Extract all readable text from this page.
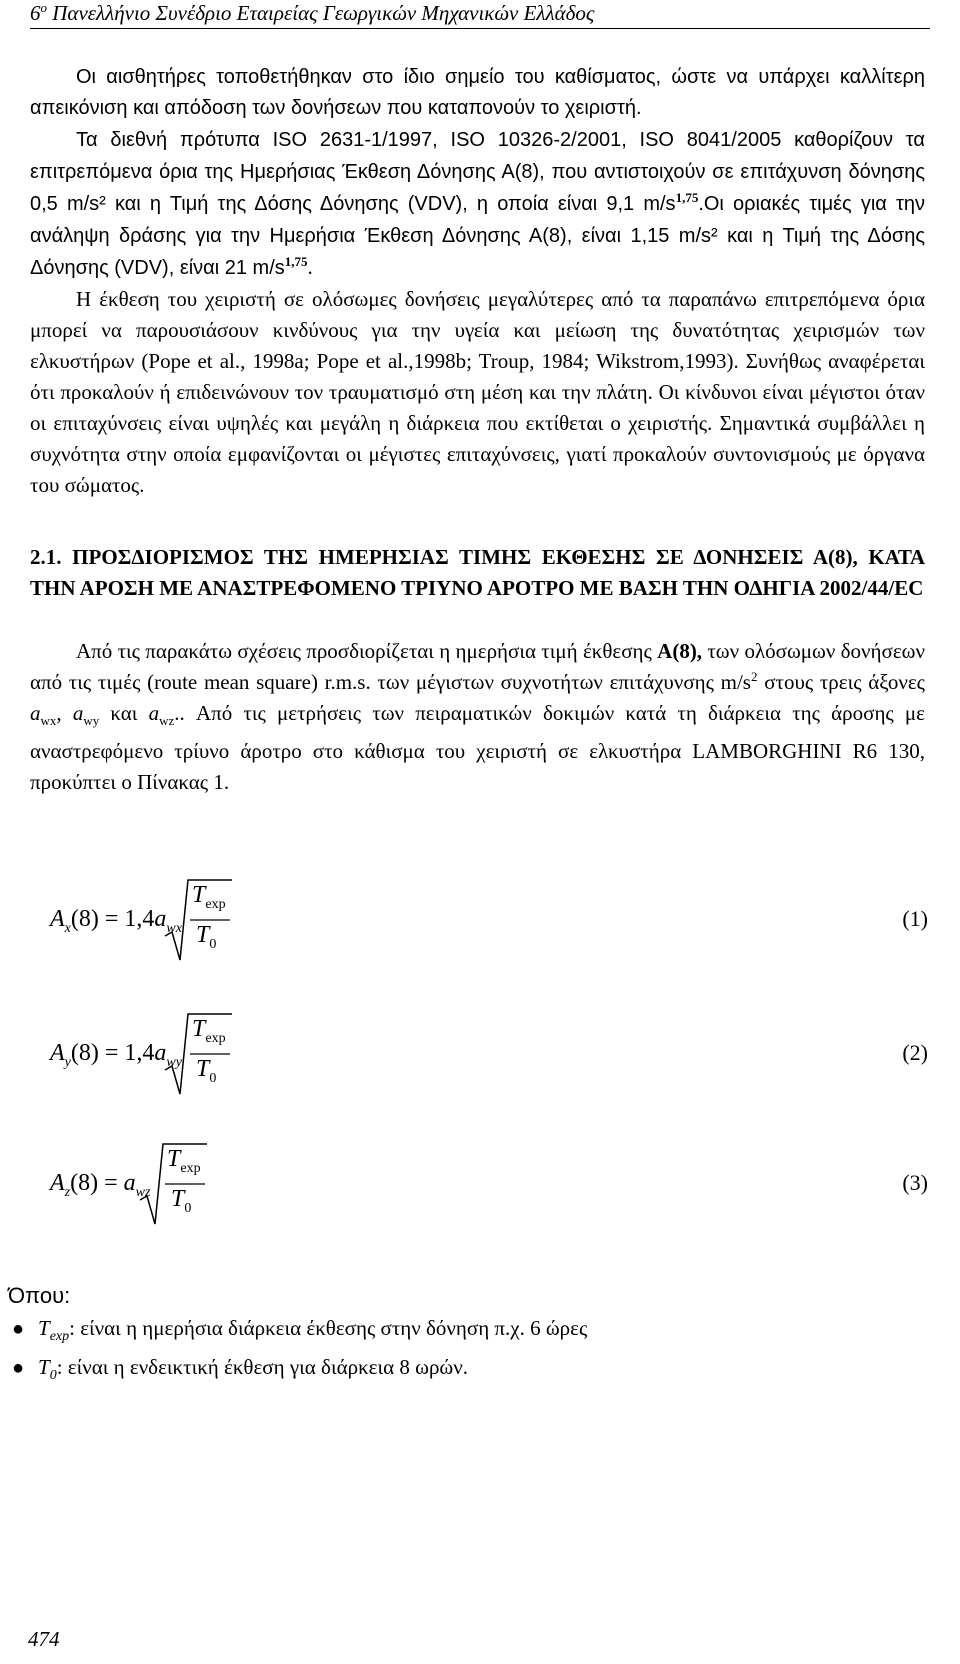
$6^o$ Πανελλήνιο Συνέδριο Εταιρείας Γεωργικών Μηχανικών Ελλάδος

Οι αισθητήρες τοποθετήθηκαν στο ίδιο σημείο του καθίσματος, ώστε να υπάρχει καλλίτερη απεικόνιση και απόδοση των δονήσεων που καταπονούν το χειριστή.

Τα διεθνή πρότυπα ISO 2631-1/1997, ISO 10326-2/2001, ISO 8041/2005 καθορίζουν τα επιτρεπόμενα όρια της Ημερήσιας Έκθεση Δόνησης Α(8), που αντιστοιχούν σε επιτάχυνση δόνησης 0,5 m/s² και η Τιμή της Δόσης Δόνησης (VDV), η οποία είναι 9,1 $m/s^{1,75}.O\iota$ οριακές τιμές για την ανάληψη δράσης για την Ημερήσια Έκθεση Δόνησης Α(8), είναι 1,15 m/s² και η Τιμή της Δόσης Δόνησης (VDV), είναι 21 $m/s^{1,75}$.

Η έκθεση του χειριστή σε ολόσωμες δονήσεις μεγαλύτερες από τα παραπάνω επιτρεπόμενα όρια μπορεί να παρουσιάσουν κινδύνους για την υγεία και μείωση της δυνατότητας χειρισμών των ελκυστήρων (Pope et al., 1998a; Pope et al.,1998b; Troup, 1984; Wikstrom,1993). Συνήθως αναφέρεται ότι προκαλούν ή επιδεινώνουν τον τραυματισμό στη μέση και την πλάτη. Οι κίνδυνοι είναι μέγιστοι όταν οι επιταχύνσεις είναι υψηλές και μεγάλη η διάρκεια που εκτίθεται ο χειριστής. Σημαντικά συμβάλλει η συχνότητα στην οποία εμφανίζονται οι μέγιστες επιταχύνσεις, γιατί προκαλούν συντονισμούς με όργανα του σώματος.

2.1. ΠΡΟΣΔΙΟΡΙΣΜΟΣ ΤΗΣ ΗΜΕΡΗΣΙΑΣ ΤΙΜΗΣ ΕΚΘΕΣΗΣ ΣΕ ΔΟΝΗΣΕΙΣ Α(8), ΚΑΤΑ ΤΗΝ ΑΡΟΣΗ ΜΕ ΑΝΑΣΤΡΕΦΟΜΕΝΟ ΤΡΙΥΝΟ ΑΡΟΤΡΟ ΜΕ ΒΑΣΗ ΤΗΝ ΟΔΗΓΙΑ 2002/44/EC

Από τις παρακάτω σχέσεις προσδιορίζεται η ημερήσια τιμή έκθεσης Α(8), των ολόσωμων δονήσεων από τις τιμές (route mean square) r.m.s. των μέγιστων συχνοτήτων επιτάχυνσης $m/s^2$ στους τρεις άξονες $a_{wx}$, $a_{wy}$ και $a_{wz}$.. Από τις μετρήσεις των πειραματικών δοκιμών κατά τη διάρκεια της άροσης με αναστρεφόμενο τρίυνο άροτρο στο κάθισμα του χειριστή σε ελκυστήρα LAMBORGHINI R6 130, προκύπτει ο Πίνακας 1.

$A_x(8) = 1,4a_{wx}$
$T_{exp}$
$T_0$
(1)
$A_y(8) = 1,4a_{wy}$
$T_{exp}$
$T_0$
(2)
$A_z(8) = a_{wz}$
$T_{exp}$
$T_0$
(3)
Όπου:
● $T_{exp}$: είναι η ημερήσια διάρκεια έκθεσης στην δόνηση π.χ. 6 ώρες
● $T_0$: είναι η ενδεικτική έκθεση για διάρκεια 8 ωρών.
474
